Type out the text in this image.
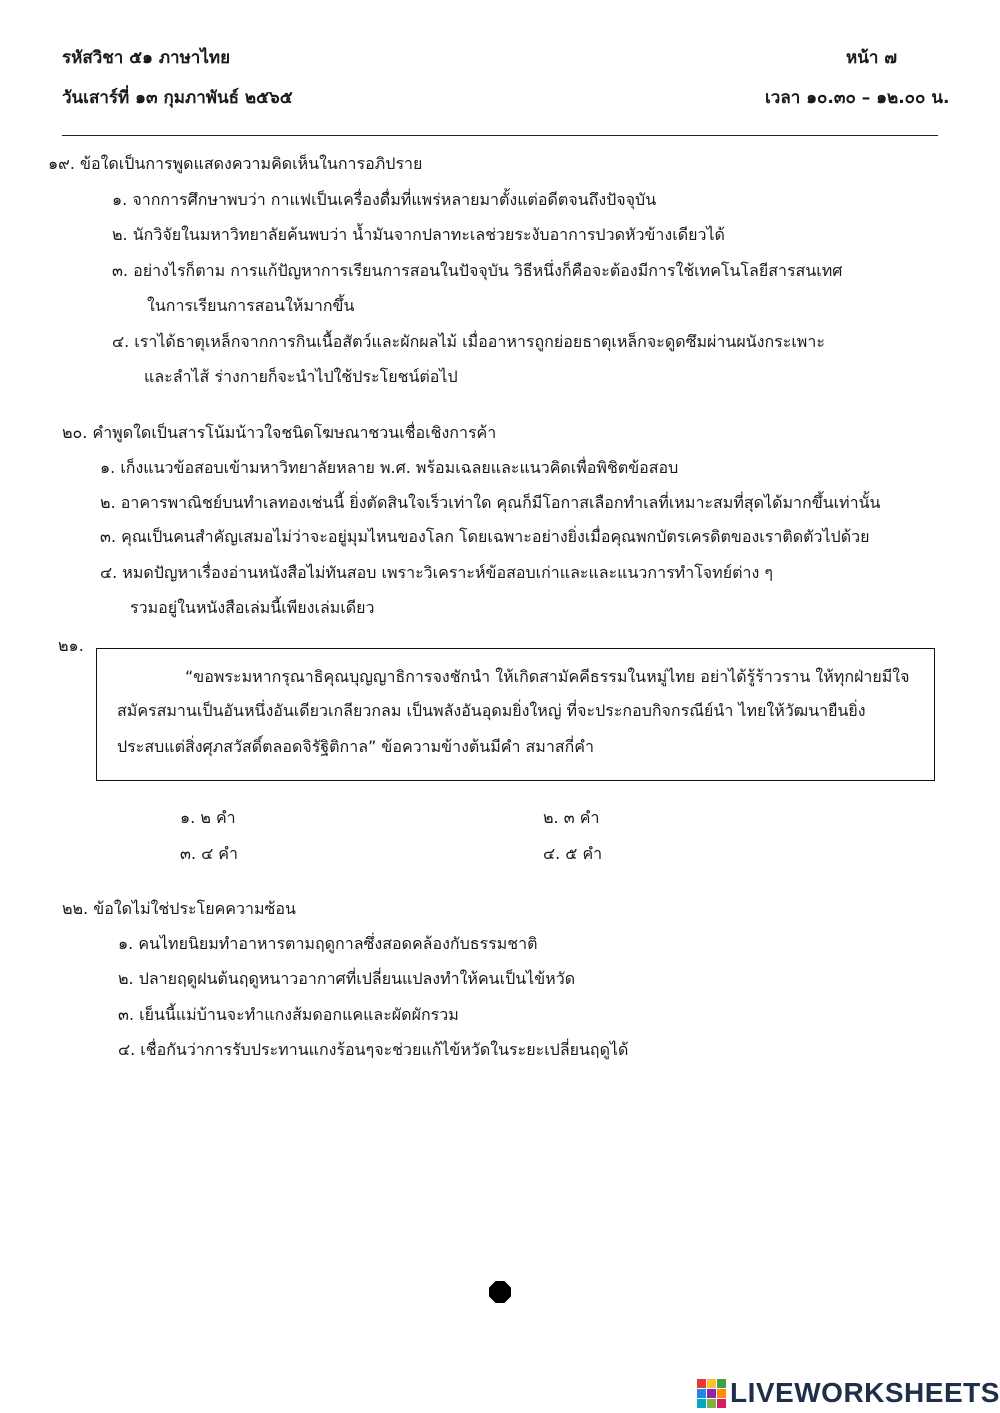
รหัสวิชา ๕๑ ภาษาไทย	หน้า ๗
วันเสาร์ที่ ๑๓ กุมภาพันธ์ ๒๕๖๕	เวลา ๑๐.๓๐ – ๑๒.๐๐ น.
๑๙. ข้อใดเป็นการพูดแสดงความคิดเห็นในการอภิปราย
๑. จากการศึกษาพบว่า กาแฟเป็นเครื่องดื่มที่แพร่หลายมาตั้งแต่อดีตจนถึงปัจจุบัน
๒. นักวิจัยในมหาวิทยาลัยค้นพบว่า น้ำมันจากปลาทะเลช่วยระงับอาการปวดหัวข้างเดียวได้
๓. อย่างไรก็ตาม การแก้ปัญหาการเรียนการสอนในปัจจุบัน วิธีหนึ่งก็คือจะต้องมีการใช้เทคโนโลยีสารสนเทศ
ในการเรียนการสอนให้มากขึ้น
๔. เราได้ธาตุเหล็กจากการกินเนื้อสัตว์และผักผลไม้ เมื่ออาหารถูกย่อยธาตุเหล็กจะดูดซึมผ่านผนังกระเพาะ
และลำไส้ ร่างกายก็จะนำไปใช้ประโยชน์ต่อไป
๒๐. คำพูดใดเป็นสารโน้มน้าวใจชนิดโฆษณาชวนเชื่อเชิงการค้า
๑. เก็งแนวข้อสอบเข้ามหาวิทยาลัยหลาย พ.ศ. พร้อมเฉลยและแนวคิดเพื่อพิชิตข้อสอบ
๒. อาคารพาณิชย์บนทำเลทองเช่นนี้ ยิ่งตัดสินใจเร็วเท่าใด คุณก็มีโอกาสเลือกทำเลที่เหมาะสมที่สุดได้มากขึ้นเท่านั้น
๓. คุณเป็นคนสำคัญเสมอไม่ว่าจะอยู่มุมไหนของโลก โดยเฉพาะอย่างยิ่งเมื่อคุณพกบัตรเครดิตของเราติดตัวไปด้วย
๔. หมดปัญหาเรื่องอ่านหนังสือไม่ทันสอบ เพราะวิเคราะห์ข้อสอบเก่าและและแนวการทำโจทย์ต่าง ๆ
รวมอยู่ในหนังสือเล่มนี้เพียงเล่มเดียว
๒๑.
“ขอพระมหากรุณาธิคุณบุญญาธิการจงชักนำ ให้เกิดสามัคคีธรรมในหมู่ไทย อย่าได้รู้ร้าวราน ให้ทุกฝ่ายมีใจ
สมัครสมานเป็นอันหนึ่งอันเดียวเกลียวกลม เป็นพลังอันอุดมยิ่งใหญ่ ที่จะประกอบกิจกรณีย์นำ ไทยให้วัฒนายืนยิ่ง
ประสบแต่สิ่งศุภสวัสดิ์ตลอดจิรัฐิติกาล” ข้อความข้างต้นมีคำ สมาสกี่คำ
๑. ๒ คำ	๒. ๓ คำ
๓. ๔ คำ	๔. ๕ คำ
๒๒. ข้อใดไม่ใช่ประโยคความซ้อน
๑. คนไทยนิยมทำอาหารตามฤดูกาลซึ่งสอดคล้องกับธรรมชาติ
๒. ปลายฤดูฝนต้นฤดูหนาวอากาศที่เปลี่ยนแปลงทำให้คนเป็นไข้หวัด
๓. เย็นนี้แม่บ้านจะทำแกงส้มดอกแคและผัดผักรวม
๔. เชื่อกันว่าการรับประทานแกงร้อนๆจะช่วยแก้ไข้หวัดในระยะเปลี่ยนฤดูได้
LIVEWORKSHEETS
